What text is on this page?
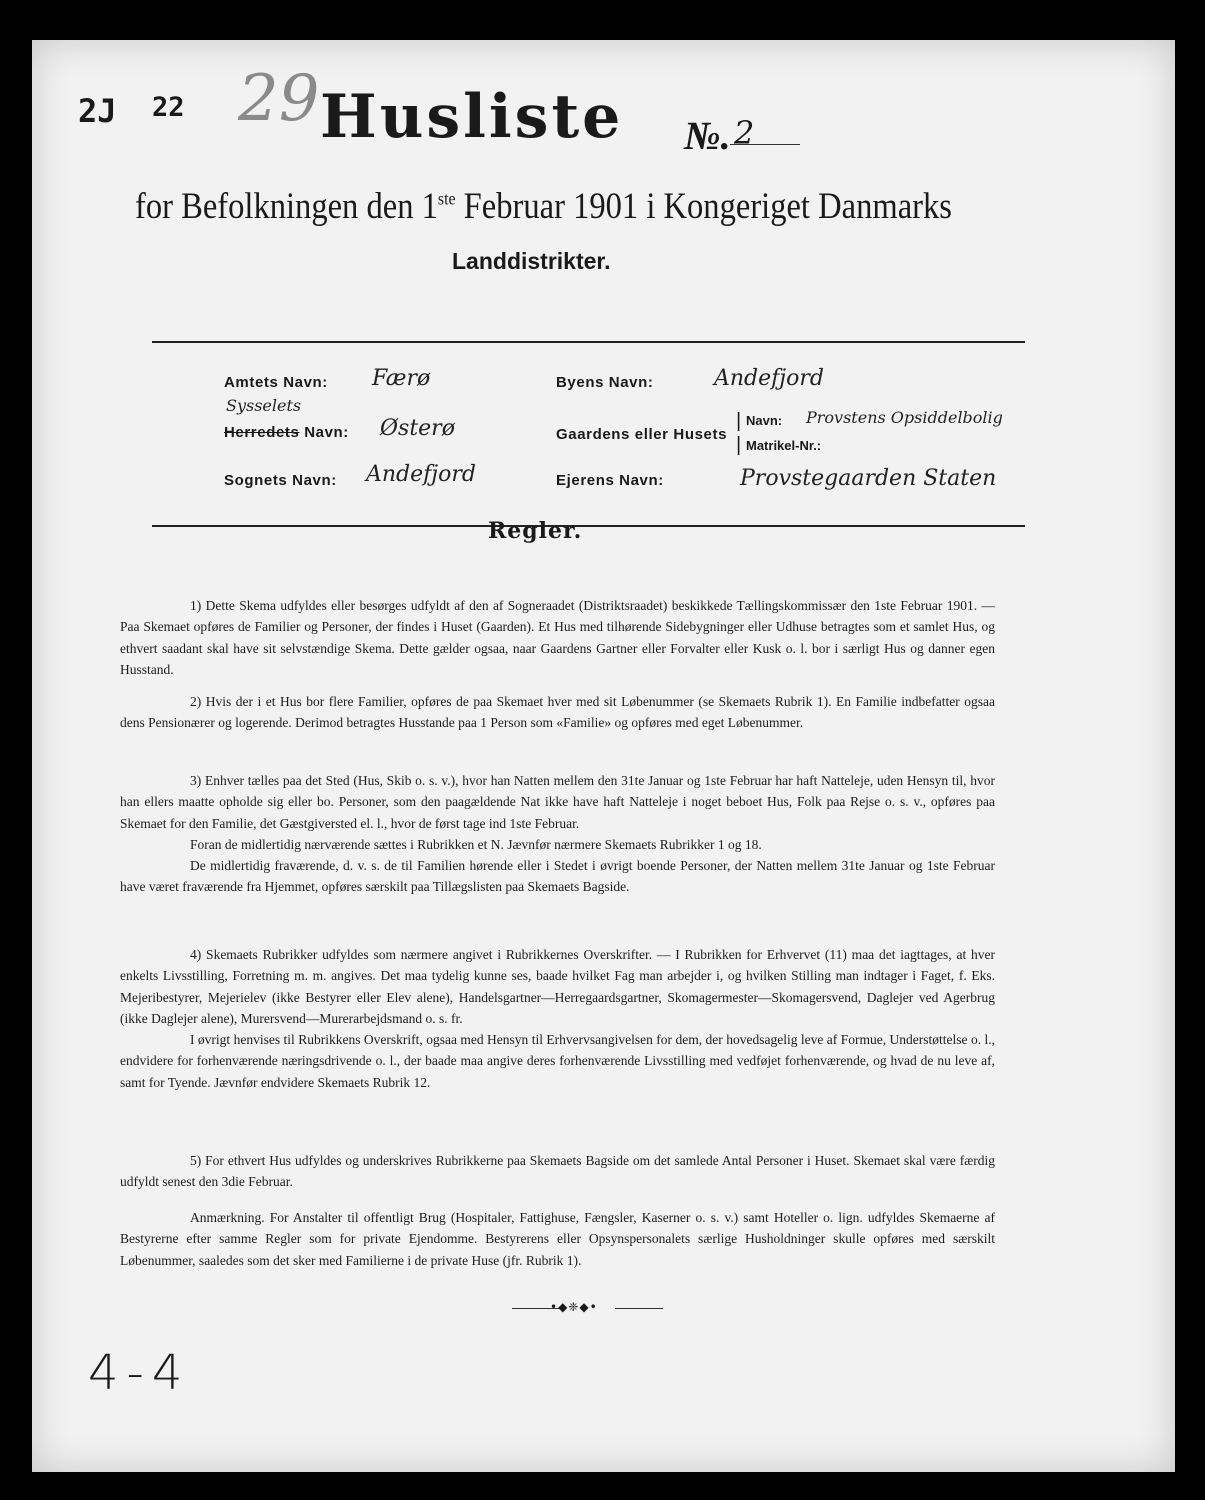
2J 22 29 Husliste №. 2
for Befolkningen den 1ste Februar 1901 i Kongeriget Danmarks
Landdistrikter.
Amtets Navn: Færø
Sysselets
Herredets Navn: Østerø
Sognets Navn: Andefjord
Byens Navn:	Andefjord
Gaardens eller Husets
|
|
Navn: Provstens Opsiddelbolig
Matrikel-Nr.:
Ejerens Navn:	Provstegaarden Staten
Regler.

1) Dette Skema udfyldes eller besørges udfyldt af den af Sogneraadet (Distriktsraadet) beskikkede Tællingskommissær den 1ste Februar 1901. — Paa Skemaet opføres de Familier og Personer, der findes i Huset (Gaarden). Et Hus med tilhørende Sidebygninger eller Udhuse betragtes som et samlet Hus, og ethvert saadant skal have sit selvstændige Skema. Dette gælder ogsaa, naar Gaardens Gartner eller Forvalter eller Kusk o. l. bor i særligt Hus og danner egen Husstand.

2) Hvis der i et Hus bor flere Familier, opføres de paa Skemaet hver med sit Løbenummer (se Skemaets Rubrik 1). En Familie indbefatter ogsaa dens Pensionærer og logerende. Derimod betragtes Husstande paa 1 Person som «Familie» og opføres med eget Løbenummer.

3) Enhver tælles paa det Sted (Hus, Skib o. s. v.), hvor han Natten mellem den 31te Januar og 1ste Februar har haft Natteleje, uden Hensyn til, hvor han ellers maatte opholde sig eller bo. Personer, som den paagældende Nat ikke have haft Natteleje i noget beboet Hus, Folk paa Rejse o. s. v., opføres paa Skemaet for den Familie, det Gæstgiversted el. l., hvor de først tage ind 1ste Februar.

Foran de midlertidig nærværende sættes i Rubrikken et N. Jævnfør nærmere Skemaets Rubrikker 1 og 18.

De midlertidig fraværende, d. v. s. de til Familien hørende eller i Stedet i øvrigt boende Personer, der Natten mellem 31te Januar og 1ste Februar have været fraværende fra Hjemmet, opføres særskilt paa Tillægslisten paa Skemaets Bagside.

4) Skemaets Rubrikker udfyldes som nærmere angivet i Rubrikkernes Overskrifter. — I Rubrikken for Erhvervet (11) maa det iagttages, at hver enkelts Livsstilling, Forretning m. m. angives. Det maa tydelig kunne ses, baade hvilket Fag man arbejder i, og hvilken Stilling man indtager i Faget, f. Eks. Mejeribestyrer, Mejerielev (ikke Bestyrer eller Elev alene), Handelsgartner—Herregaardsgartner, Skomagermester—Skomagersvend, Daglejer ved Agerbrug (ikke Daglejer alene), Murersvend—Murerarbejdsmand o. s. fr.

I øvrigt henvises til Rubrikkens Overskrift, ogsaa med Hensyn til Erhvervsangivelsen for dem, der hovedsagelig leve af Formue, Understøttelse o. l., endvidere for forhenværende næringsdrivende o. l., der baade maa angive deres forhenværende Livsstilling med vedføjet forhenværende, og hvad de nu leve af, samt for Tyende. Jævnfør endvidere Skemaets Rubrik 12.

5) For ethvert Hus udfyldes og underskrives Rubrikkerne paa Skemaets Bagside om det samlede Antal Personer i Huset. Skemaet skal være færdig udfyldt senest den 3die Februar.

Anmærkning. For Anstalter til offentligt Brug (Hospitaler, Fattighuse, Fængsler, Kaserner o. s. v.) samt Hoteller o. lign. udfyldes Skemaerne af Bestyrerne efter samme Regler som for private Ejendomme. Bestyrerens eller Opsynspersonalets særlige Husholdninger skulle opføres med særskilt Løbenummer, saaledes som det sker med Familierne i de private Huse (jfr. Rubrik 1).

•◆❈◆•
4-4
